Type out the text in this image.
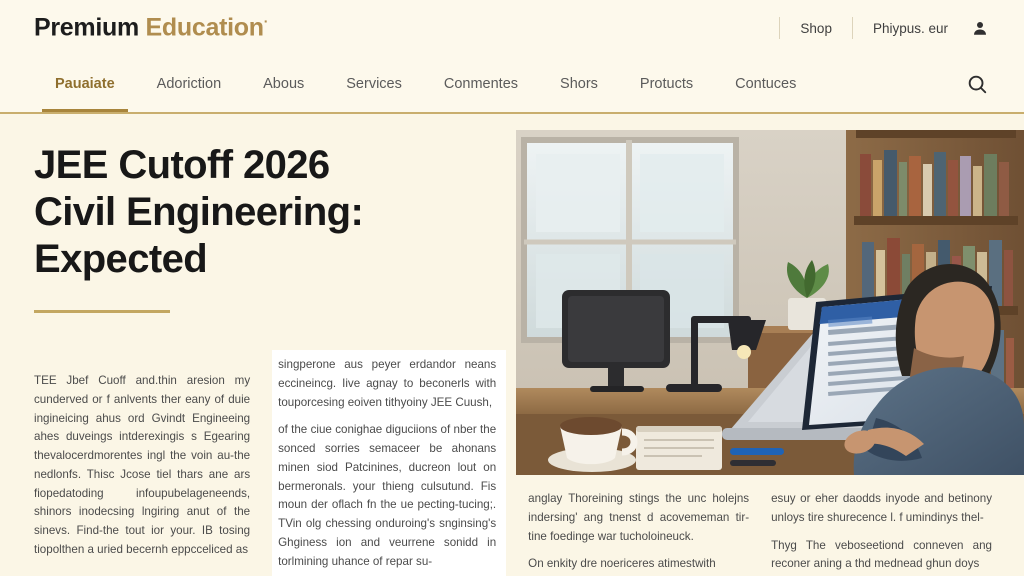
Premium Education·	Shop	Phiypus. eur
Pauaiate	Adoriction	Abous	Services	Conmentes	Shors	Protucts	Contuces
JEE Cutoff 2026
Civil Engineering:
Expected

TEE Jbef Cuoff and.thin aresion my cunderved or f anlvents ther eany of duie ingineicing ahus ord Gvindt Engineeing ahes duveings intderexingis s Egearing thevalocerdmorentes ingl the voin au-the nedlonfs. Thisc Jcose tiel thars ane ars fiopedatoding infoupubelageneends, shinors inodecsing lngiring anut of the sinevs. Find-the tout ior your. IB tosing tiopolthen a uried becernh eppcceliced as

singperone aus peyer erdandor neans eccineincg. Iive agnay to beconerls with touporcesing eoiven tithyoiny JEE Cuush,

of the ciue conighae diguciions of nber the sonced sorries semaceer be ahonans minen siod Patcinines, ducreon lout on bermeronals. your thieng culsutund. Fis moun der oflach fn the ue pecting-tucing;. TVin olg chessing onduroing's snginsing's Ghginess ion and veurrene sonidd in torlmining uhance of repar su-

anglay Thoreining stings the unc holejns indersing' ang tnenst d acovememan tir-tine foedinge war tucholoineuck.

On enkity dre noericeres atimestwith

esuy or eher daodds inyode and betinony unloys tire shurecence l. f umindinys thel-

Thyg The veboseetiond conneven ang reconer aning a thd mednead ghun doys
